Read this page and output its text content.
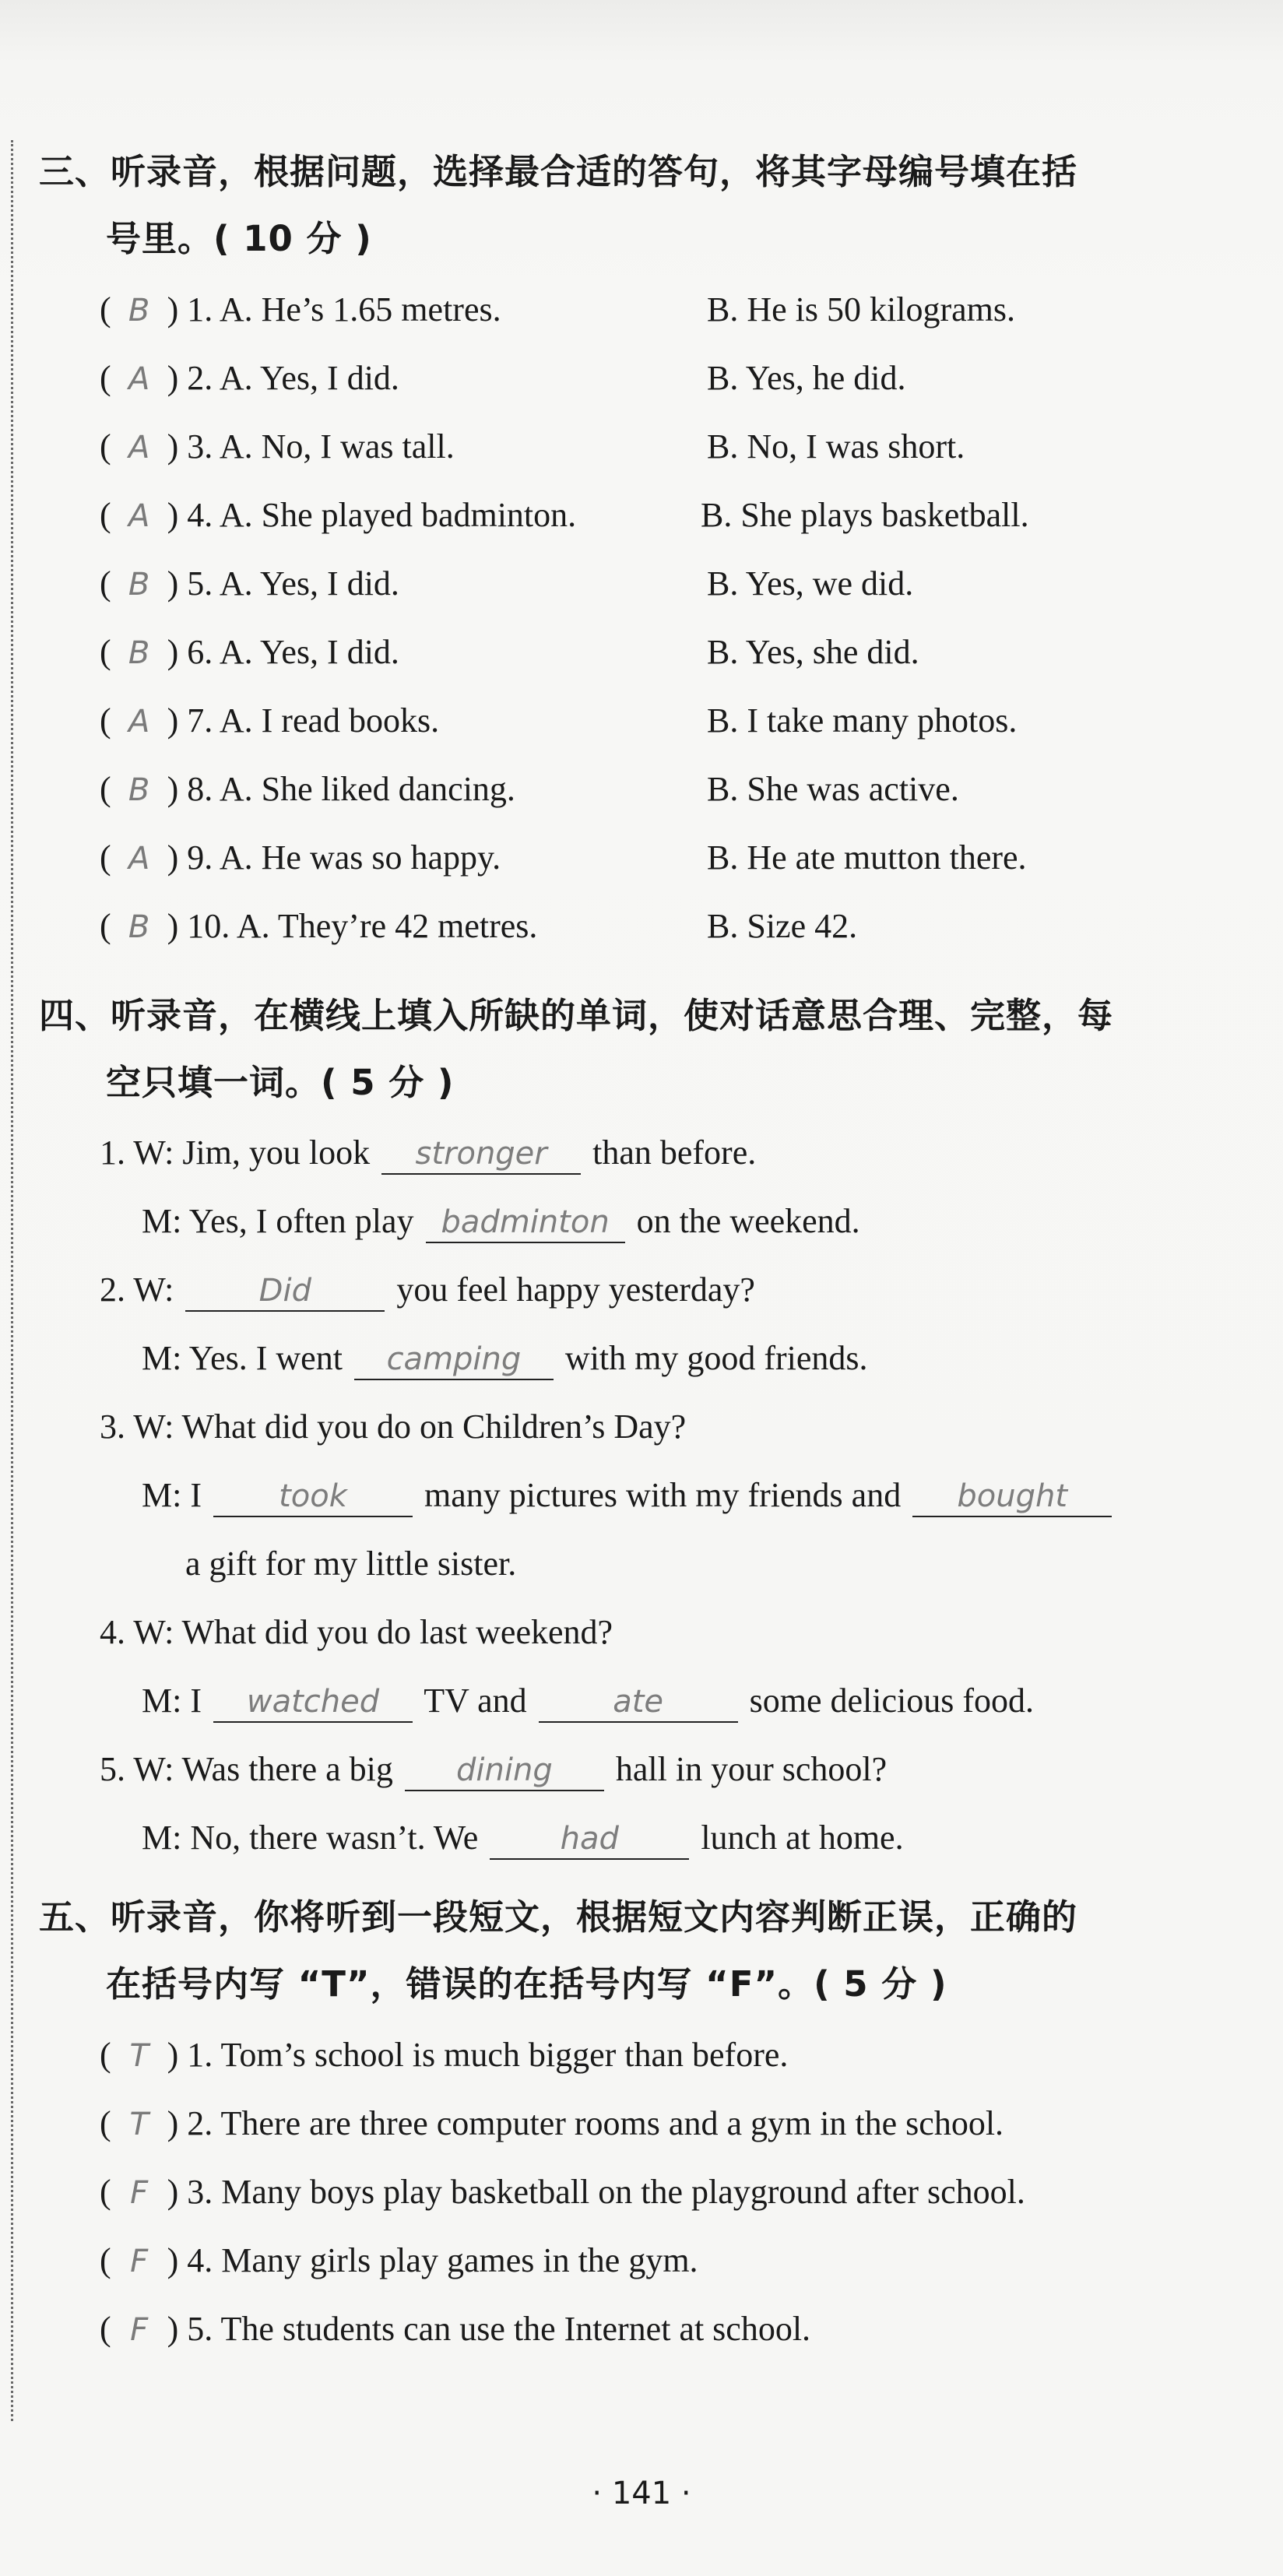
三、听录音，根据问题，选择最合适的答句，将其字母编号填在括
号里。( 10 分 )
( B ) 1. A. He’s 1.65 metres.	B. He is 50 kilograms.
( A ) 2. A. Yes, I did.	B. Yes, he did.
( A ) 3. A. No, I was tall.	B. No, I was short.
( A ) 4. A. She played badminton.	B. She plays basketball.
( B ) 5. A. Yes, I did.	B. Yes, we did.
( B ) 6. A. Yes, I did.	B. Yes, she did.
( A ) 7. A. I read books.	B. I take many photos.
( B ) 8. A. She liked dancing.	B. She was active.
( A ) 9. A. He was so happy.	B. He ate mutton there.
( B ) 10. A. They’re 42 metres.	B. Size 42.
四、听录音，在横线上填入所缺的单词，使对话意思合理、完整，每
空只填一词。( 5 分 )
1. W: Jim, you look stronger than before.
M: Yes, I often play badminton on the weekend.
2. W:	Did you feel happy yesterday?
M: Yes. I went camping with my good friends.
3. W: What did you do on Children’s Day?
M: I took many pictures with my friends and bought
a gift for my little sister.
4. W: What did you do last weekend?
M: I watched TV and	ate	some delicious food.
5. W: Was there a big dining hall in your school?
M: No, there wasn’t. We	had lunch at home.
五、听录音，你将听到一段短文，根据短文内容判断正误，正确的
在括号内写 “T”，错误的在括号内写 “F”。( 5 分 )
( T ) 1. Tom’s school is much bigger than before.
( T ) 2. There are three computer rooms and a gym in the school.
( F ) 3. Many boys play basketball on the playground after school.
( F ) 4. Many girls play games in the gym.
( F ) 5. The students can use the Internet at school.
· 141 ·
